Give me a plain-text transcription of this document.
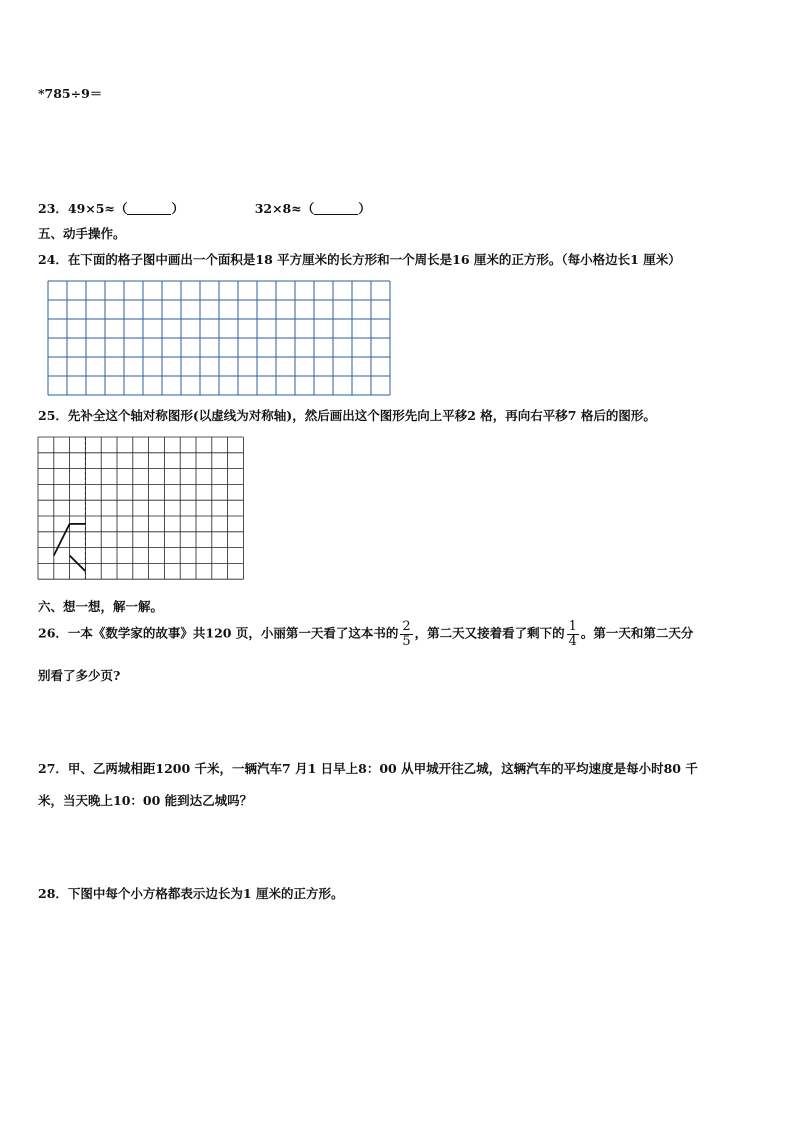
*785÷9＝
23．49×5≈（	）	32×8≈（	）
五、动手操作。
24．在下面的格子图中画出一个面积是18 平方厘米的长方形和一个周长是16 厘米的正方形。（每小格边长1 厘米）
25．先补全这个轴对称图形(以虚线为对称轴)，然后画出这个图形先向上平移2 格，再向右平移7 格后的图形。
六、想一想，解一解。
26．一本《数学家的故事》共120 页，小丽第一天看了这本书的 $\frac{2}{5}$ ，第二天又接着看了剩下的 $\frac{1}{4}$ 。第一天和第二天分
别看了多少页?
27．甲、乙两城相距1200 千米，一辆汽车7 月1 日早上8：00 从甲城开往乙城，这辆汽车的平均速度是每小时80 千
米，当天晚上10：00 能到达乙城吗？
28．下图中每个小方格都表示边长为1 厘米的正方形。
